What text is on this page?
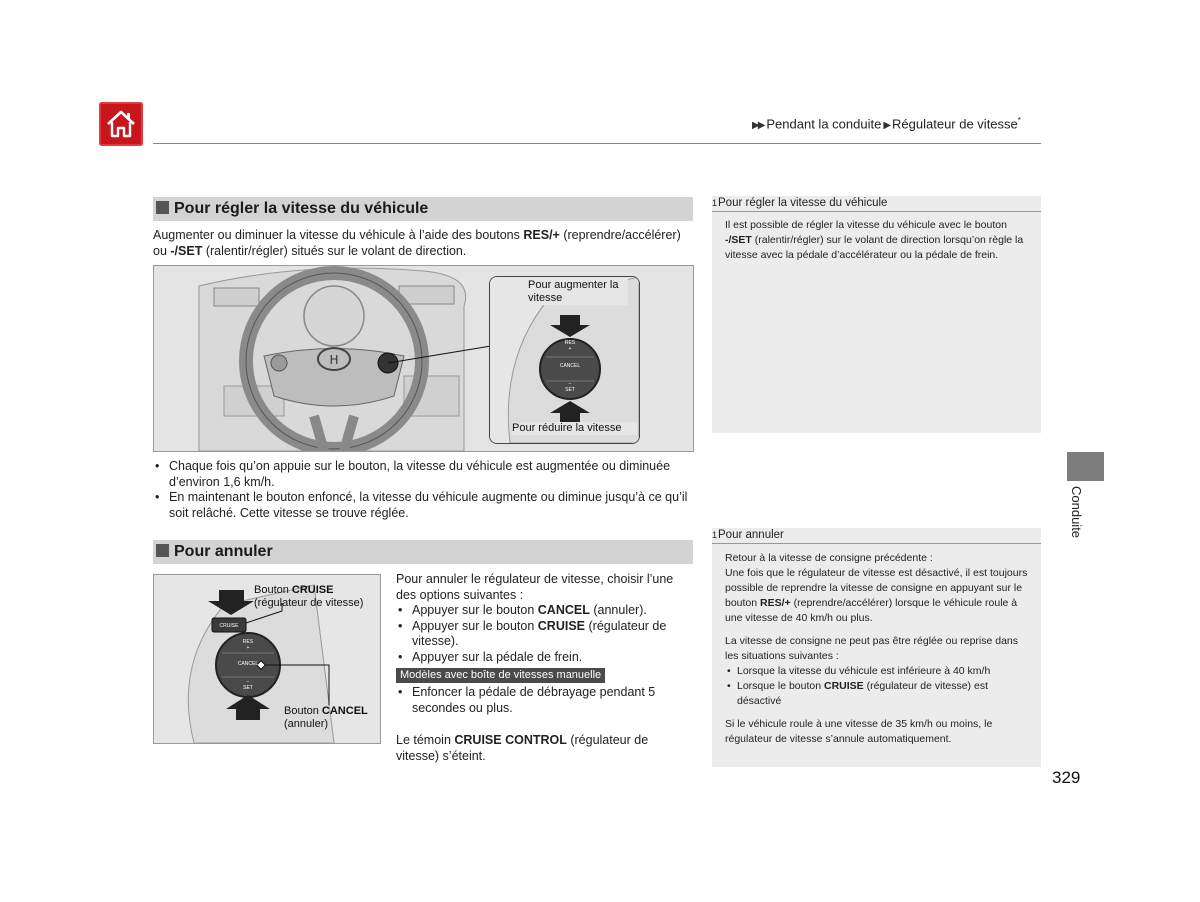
▶▶ Pendant la conduite ▶ Régulateur de vitesse*
Pour régler la vitesse du véhicule
Augmenter ou diminuer la vitesse du véhicule à l’aide des boutons RES/+ (reprendre/accélérer) ou -/SET (ralentir/régler) situés sur le volant de direction.
H
RES
+
CANCEL
−
SET
Pour augmenter la vitesse
Pour réduire la vitesse
• Chaque fois qu’on appuie sur le bouton, la vitesse du véhicule est augmentée ou diminuée d’environ 1,6 km/h.
• En maintenant le bouton enfoncé, la vitesse du véhicule augmente ou diminue jusqu’à ce qu’il soit relâché. Cette vitesse se trouve réglée.
Pour annuler
CRUISE
RES
+
CANCEL
−
SET
Bouton CRUISE (régulateur de vitesse)
Bouton CANCEL (annuler)
Pour annuler le régulateur de vitesse, choisir l’une des options suivantes :
• Appuyer sur le bouton CANCEL (annuler).
• Appuyer sur le bouton CRUISE (régulateur de vitesse).
• Appuyer sur la pédale de frein.
Modèles avec boîte de vitesses manuelle
• Enfoncer la pédale de débrayage pendant 5 secondes ou plus.
Le témoin CRUISE CONTROL (régulateur de vitesse) s’éteint.
1Pour régler la vitesse du véhicule
Il est possible de régler la vitesse du véhicule avec le bouton -/SET (ralentir/régler) sur le volant de direction lorsqu’on règle la vitesse avec la pédale d’accélérateur ou la pédale de frein.
1Pour annuler
Retour à la vitesse de consigne précédente :
Une fois que le régulateur de vitesse est désactivé, il est toujours possible de reprendre la vitesse de consigne en appuyant sur le bouton RES/+ (reprendre/accélérer) lorsque le véhicule roule à une vitesse de 40 km/h ou plus.
La vitesse de consigne ne peut pas être réglée ou reprise dans les situations suivantes :
• Lorsque la vitesse du véhicule est inférieure à 40 km/h
• Lorsque le bouton CRUISE (régulateur de vitesse) est désactivé
Si le véhicule roule à une vitesse de 35 km/h ou moins, le régulateur de vitesse s’annule automatiquement.
Conduite
329
